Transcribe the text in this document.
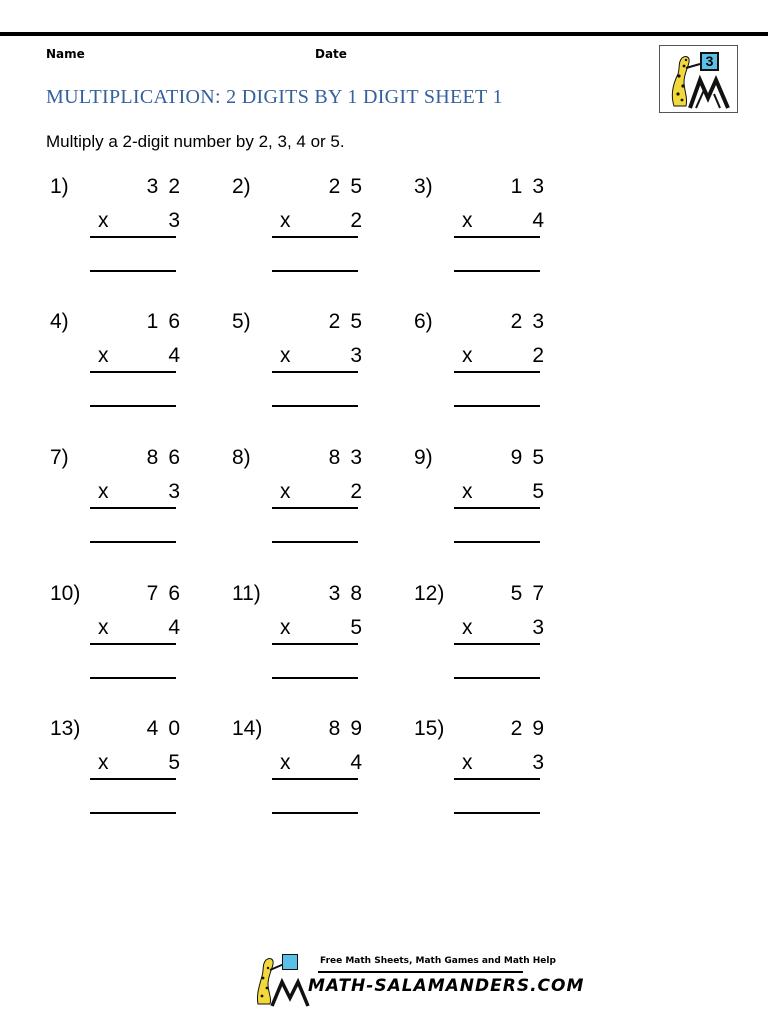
Name	Date
MULTIPLICATION: 2 DIGITS BY 1 DIGIT SHEET 1
Multiply a 2-digit number by 2, 3, 4 or 5.
3
1)	32
x	3
2)	25
x	2
3)	13
x	4
4)	16
x	4
5)	25
x	3
6)	23
x	2
7)	86
x	3
8)	83
x	2
9)	95
x	5
10)	76
x	4
11)	38
x	5
12)	57
x	3
13)	40
x	5
14)	89
x	4
15)	29
x	3
Free Math Sheets, Math Games and Math Help
MATH-SALAMANDERS.COM
